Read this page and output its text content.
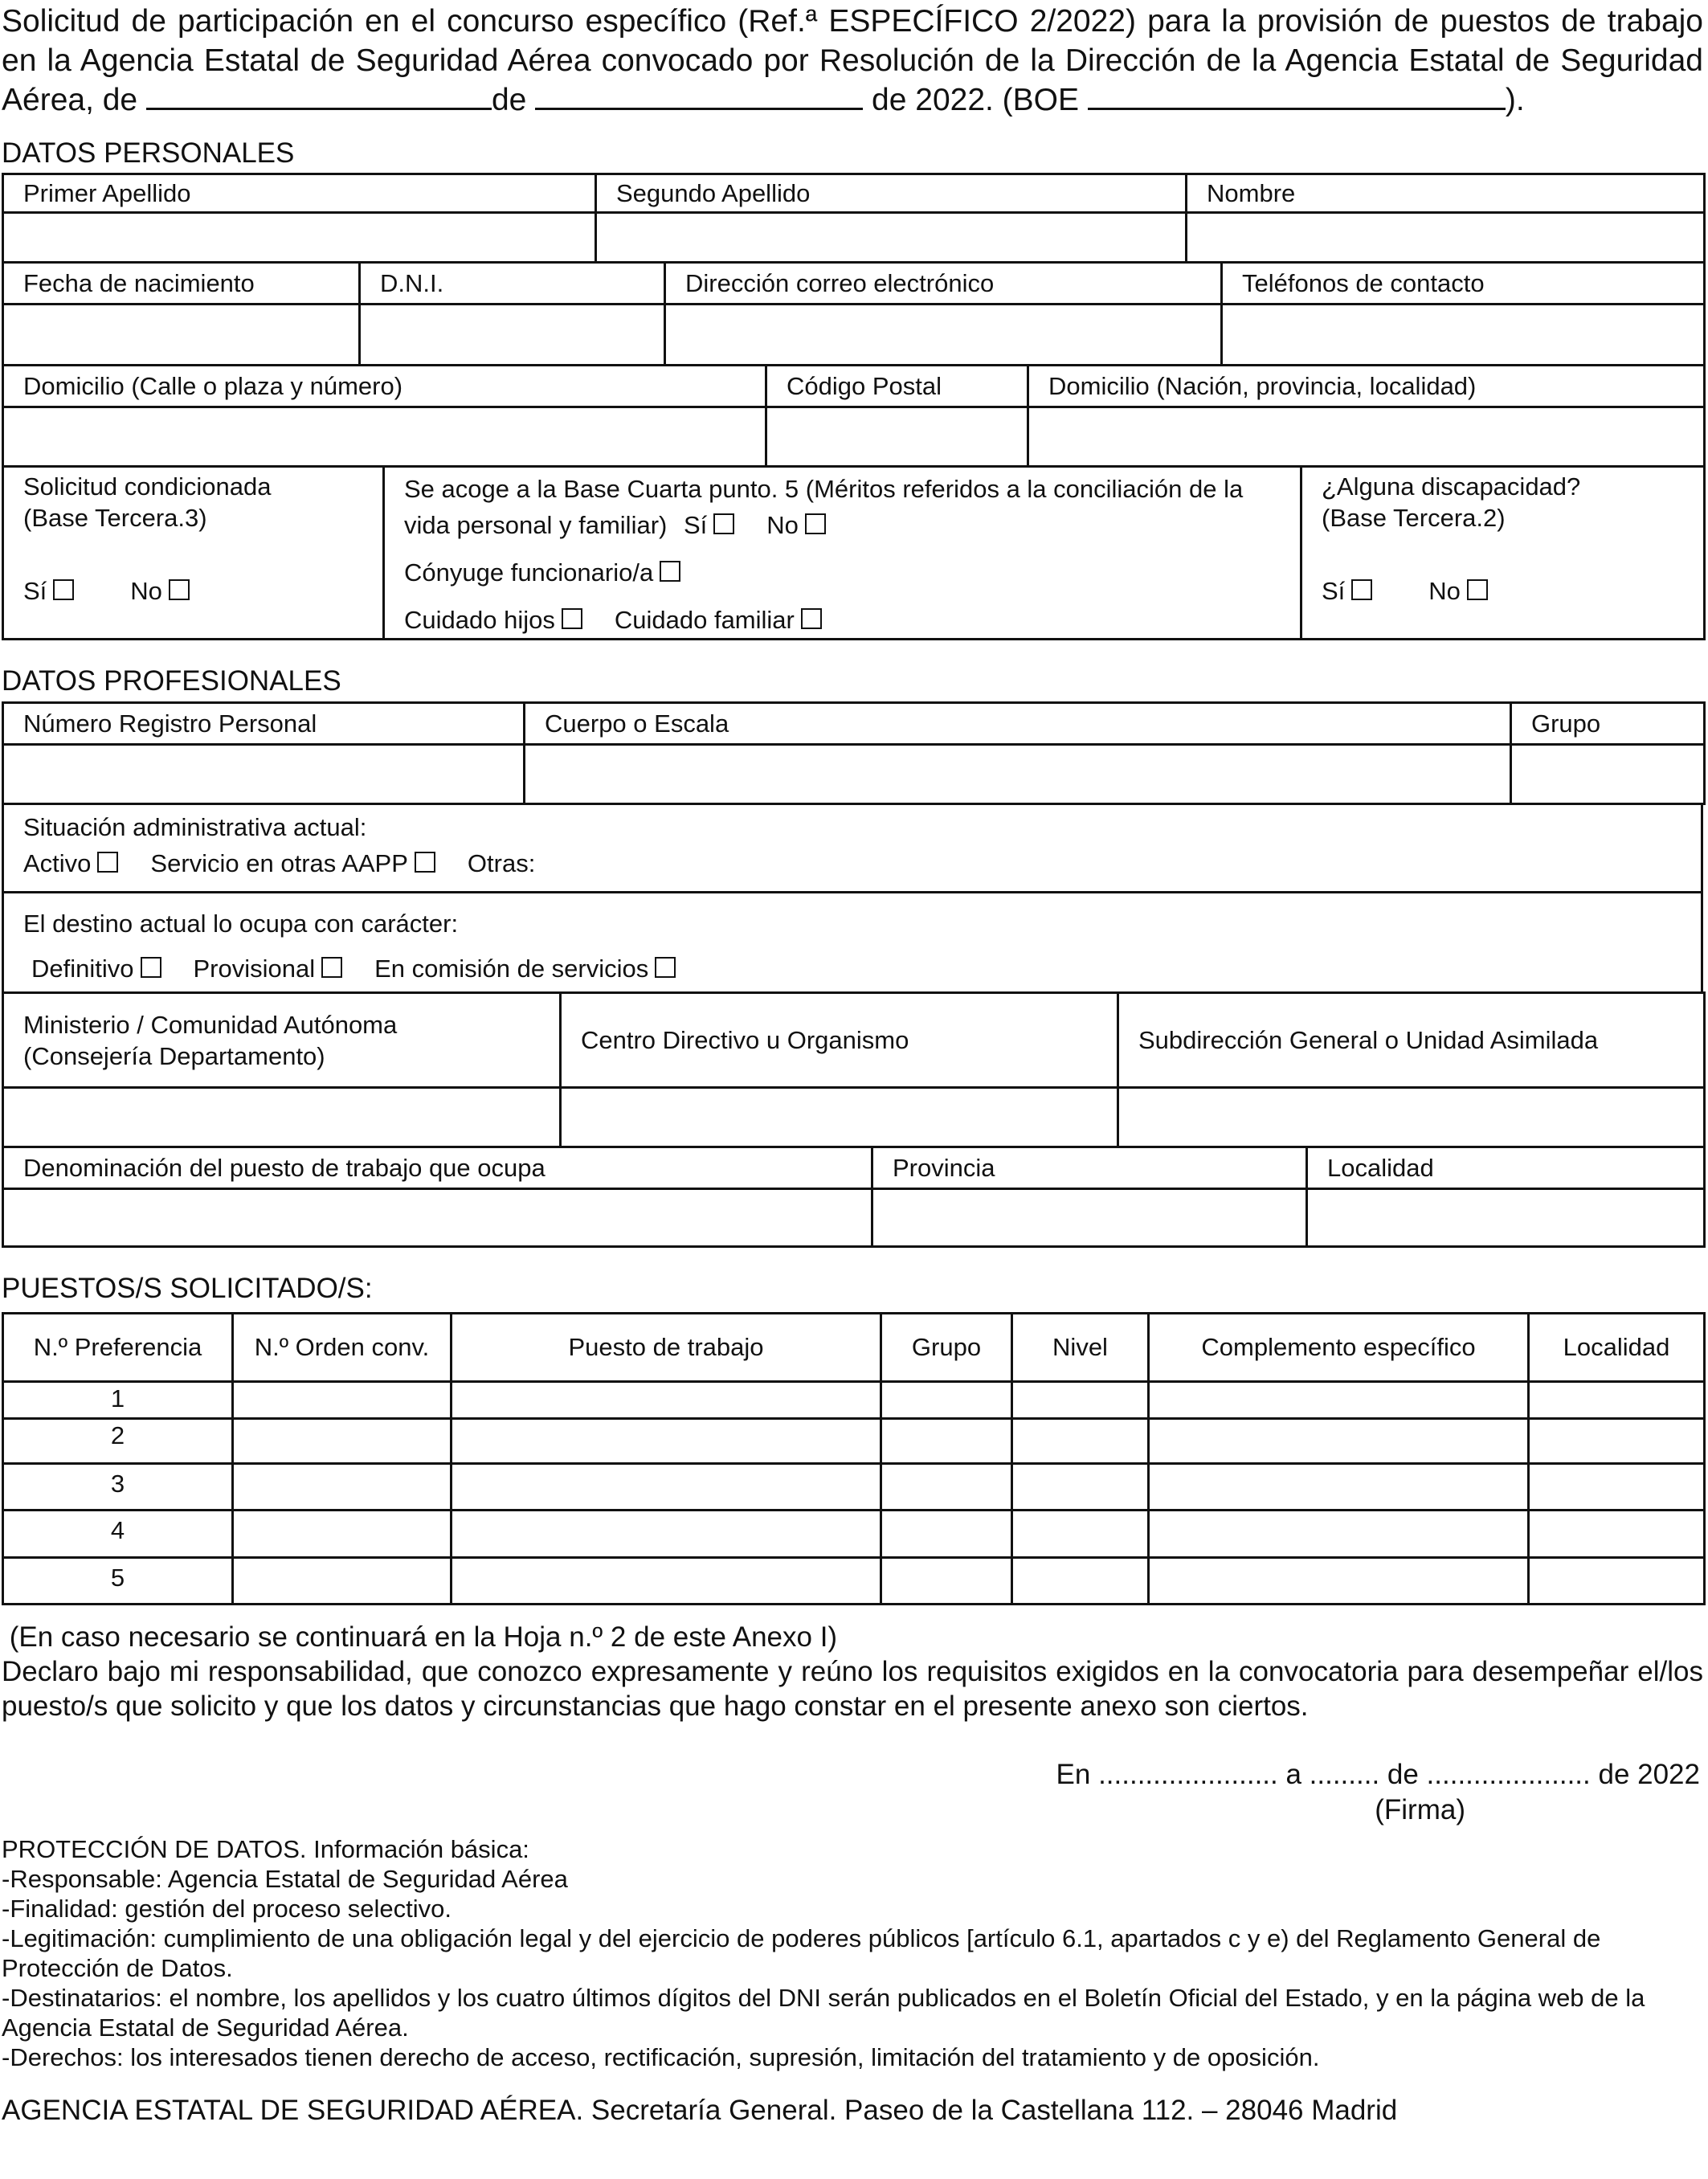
Solicitud de participación en el concurso específico (Ref.ª ESPECÍFICO 2/2022) para la provisión de puestos de trabajo en la Agencia Estatal de Seguridad Aérea convocado por Resolución de la Dirección de la Agencia Estatal de Seguridad Aérea, de	de	de 2022. (BOE	).

DATOS PERSONALES
Primer Apellido	Segundo Apellido	Nombre

Fecha de nacimiento	D.N.I.	Dirección correo electrónico	Teléfonos de contacto

Domicilio (Calle o plaza y número)	Código Postal	Domicilio (Nación, provincia, localidad)

Solicitud condicionada
(Base Tercera.3)
Sí	No

Se acoge a la Base Cuarta punto. 5 (Méritos referidos a la conciliación de la
vida personal y familiar) Sí No
Cónyuge funcionario/a
Cuidado hijos Cuidado familiar

¿Alguna discapacidad?
(Base Tercera.2)
Sí	No
DATOS PROFESIONALES
Número Registro Personal	Cuerpo o Escala	Grupo

Situación administrativa actual:
Activo Servicio en otras AAPP Otras:

El destino actual lo ocupa con carácter:
Definitivo Provisional En comisión de servicios
Ministerio / Comunidad Autónoma
(Consejería Departamento)	Centro Directivo u Organismo	Subdirección General o Unidad Asimilada

Denominación del puesto de trabajo que ocupa	Provincia	Localidad

PUESTOS/S SOLICITADO/S:
N.º Preferencia	N.º Orden conv.	Puesto de trabajo	Grupo	Nivel	Complemento específico	Localidad
1						
2						
3						
4						
5						
(En caso necesario se continuará en la Hoja n.º 2 de este Anexo I)
Declaro bajo mi responsabilidad, que conozco expresamente y reúno los requisitos exigidos en la convocatoria para desempeñar el/los puesto/s que solicito y que los datos y circunstancias que hago constar en el presente anexo son ciertos.
En ....................... a ......... de ..................... de 2022
(Firma)
PROTECCIÓN DE DATOS. Información básica:
-Responsable: Agencia Estatal de Seguridad Aérea
-Finalidad: gestión del proceso selectivo.
-Legitimación: cumplimiento de una obligación legal y del ejercicio de poderes públicos [artículo 6.1, apartados c y e) del Reglamento General de Protección de Datos.
-Destinatarios: el nombre, los apellidos y los cuatro últimos dígitos del DNI serán publicados en el Boletín Oficial del Estado, y en la página web de la Agencia Estatal de Seguridad Aérea.
-Derechos: los interesados tienen derecho de acceso, rectificación, supresión, limitación del tratamiento y de oposición.
AGENCIA ESTATAL DE SEGURIDAD AÉREA. Secretaría General. Paseo de la Castellana 112. – 28046 Madrid
